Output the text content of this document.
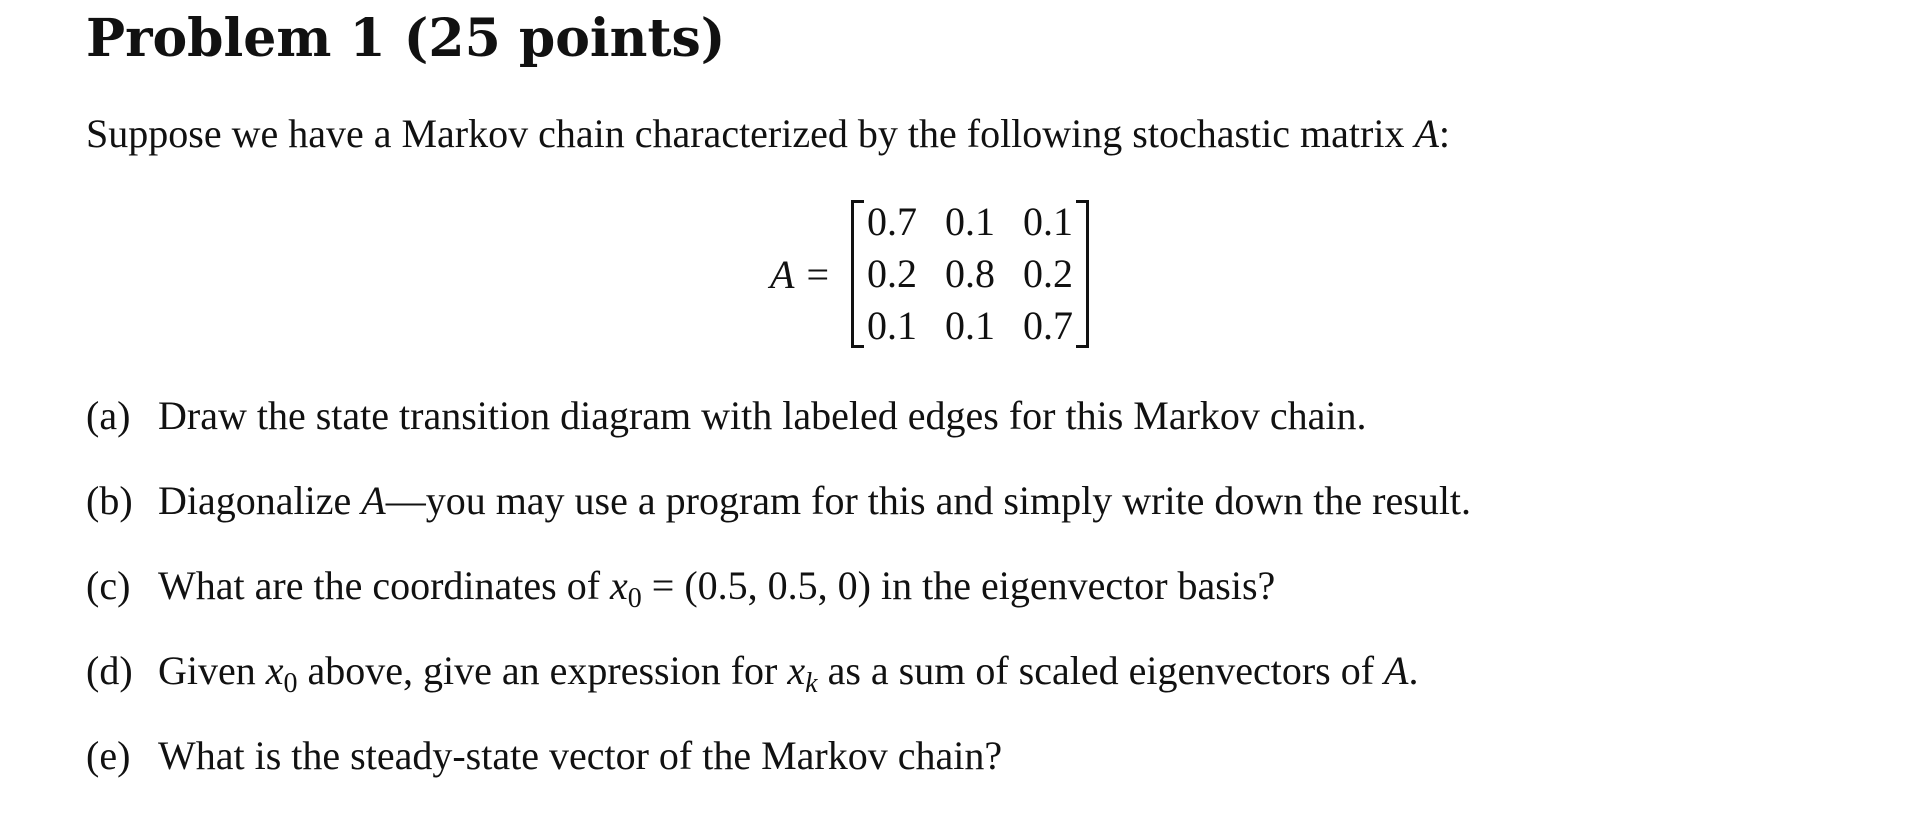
Problem 1 (25 points)

Suppose we have a Markov chain characterized by the following stochastic matrix A:

A =
0.7	0.1	0.1
0.2	0.8	0.2
0.1	0.1	0.7

(a) Draw the state transition diagram with labeled edges for this Markov chain.

(b) Diagonalize A—you may use a program for this and simply write down the result.

(c) What are the coordinates of $x_0 = (0.5$, 0.5, 0) in the eigenvector basis?

(d) Given $x_0$ above, give an expression for $x_k$ as a sum of scaled eigenvectors of A.

(e) What is the steady-state vector of the Markov chain?
